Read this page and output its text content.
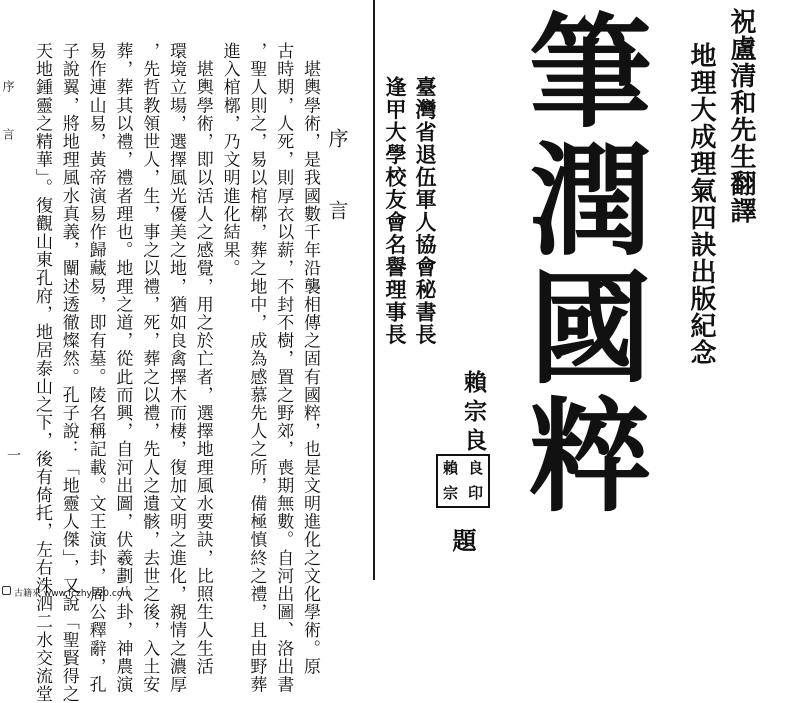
序　言
一 天地鍾靈之精華」。復觀山東孔府，地居泰山之下，後有倚托，左右洙泗二水交流堂 子說翼，將地理風水真義，闡述透徹燦然。孔子說：「地靈人傑」，又說「聖賢得之 易作連山易，黃帝演易作歸藏易，即有墓。陵名稱記載。文王演卦，周公釋辭，孔 葬，葬其以禮，禮者理也。地理之道，從此而興，自河出圖，伏羲劃八卦，神農演 ，先哲教領世人，生，事之以禮，死，葬之以禮，先人之遺骸，去世之後，入土安 環境立場，選擇風光優美之地，猶如良禽擇木而棲，復加文明之進化，親情之濃厚 　堪輿學術，即以活人之感覺，用之於亡者，選擇地理風水要訣，比照生人生活 進入棺槨，乃文明進化結果。 ，聖人則之，易以棺槨，葬之地中，成為感慕先人之所，備極慎終之禮，且由野葬 古時期，人死，則厚衣以薪，不封不樹，置之野郊，喪期無數。自河出圖、洛出書 　堪輿學術，是我國數千年沿襲相傳之固有國粹，也是文明進化之文化學術。原 序　言 逢甲大學校友會名譽理事長 臺灣省退伍軍人協會秘書長
賴宗良
賴 良
宗 印
題
筆潤國粹 地理大成理氣四訣出版紀念 祝盧清和先生翻譯
古籍來 www.fczhy920.com
